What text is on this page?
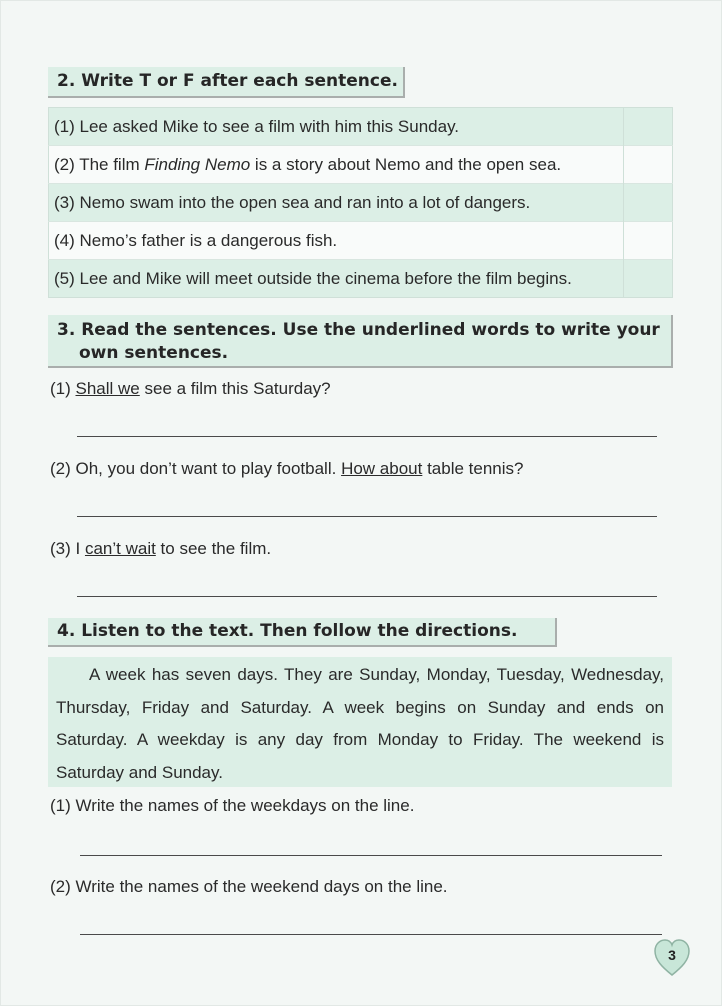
2. Write T or F after each sentence.
(1) Lee asked Mike to see a film with him this Sunday.	
(2) The film Finding Nemo is a story about Nemo and the open sea.	
(3) Nemo swam into the open sea and ran into a lot of dangers.	
(4) Nemo’s father is a dangerous fish.	
(5) Lee and Mike will meet outside the cinema before the film begins.	
3. Read the sentences. Use the underlined words to write your
own sentences.
(1) Shall we see a film this Saturday?
(2) Oh, you don’t want to play football. How about table tennis?
(3) I can’t wait to see the film.
4. Listen to the text. Then follow the directions.
A week has seven days. They are Sunday, Monday, Tuesday, Wednesday, Thursday, Friday and Saturday. A week begins on Sunday and ends on Saturday. A weekday is any day from Monday to Friday. The weekend is Saturday and Sunday.
(1) Write the names of the weekdays on the line.
(2) Write the names of the weekend days on the line.
3
